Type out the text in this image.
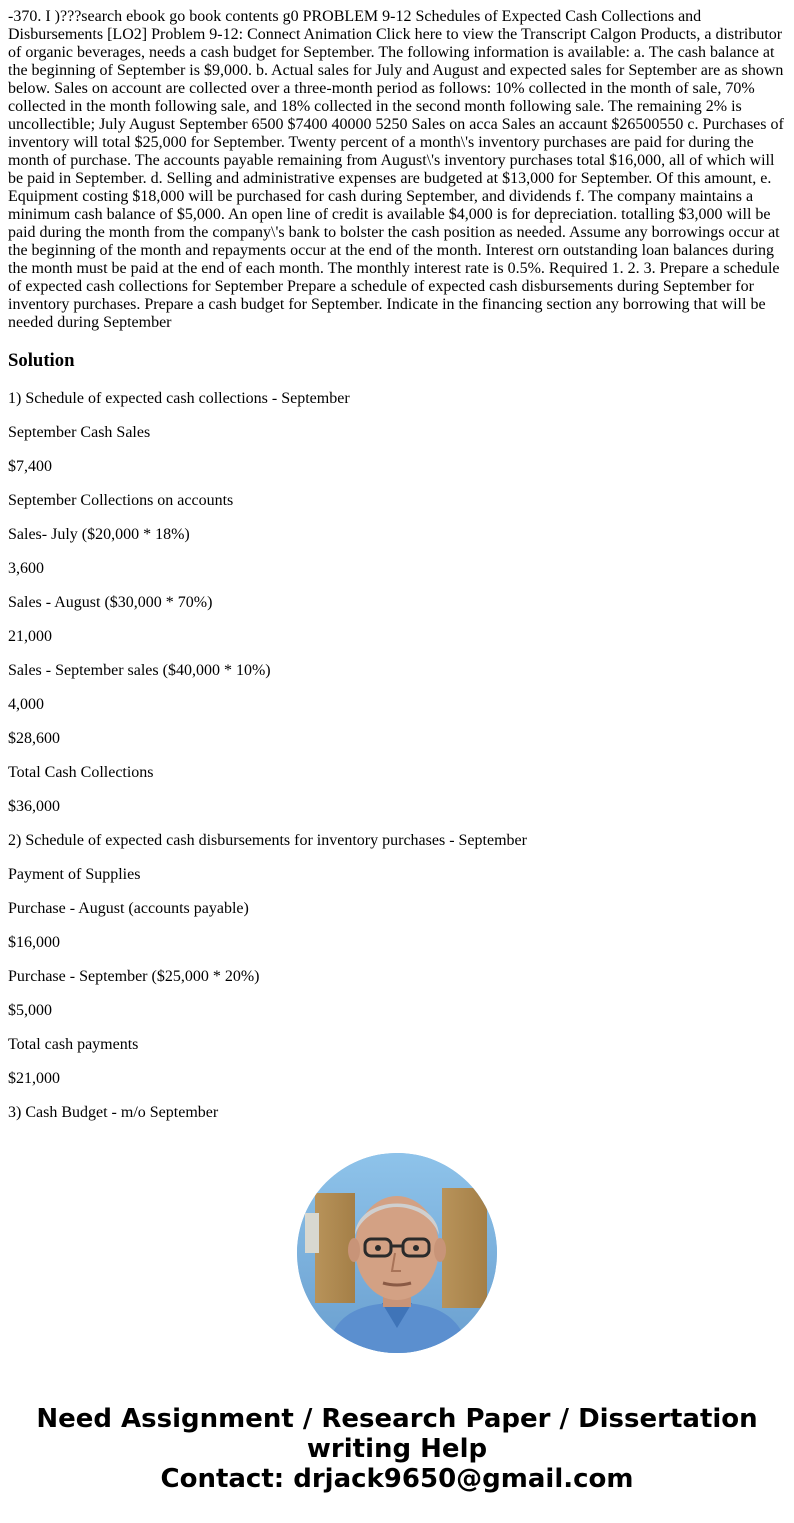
-370. I )???search ebook go book contents g0 PROBLEM 9-12 Schedules of Expected Cash Collections and Disbursements [LO2] Problem 9-12: Connect Animation Click here to view the Transcript Calgon Products, a distributor of organic beverages, needs a cash budget for September. The following information is available: a. The cash balance at the beginning of September is $9,000. b. Actual sales for July and August and expected sales for September are as shown below. Sales on account are collected over a three-month period as follows: 10% collected in the month of sale, 70% collected in the month following sale, and 18% collected in the second month following sale. The remaining 2% is uncollectible; July August September 6500 $7400 40000 5250 Sales on acca Sales an accaunt $26500550 c. Purchases of inventory will total $25,000 for September. Twenty percent of a month\'s inventory purchases are paid for during the month of purchase. The accounts payable remaining from August\'s inventory purchases total $16,000, all of which will be paid in September. d. Selling and administrative expenses are budgeted at $13,000 for September. Of this amount, e. Equipment costing $18,000 will be purchased for cash during September, and dividends f. The company maintains a minimum cash balance of $5,000. An open line of credit is available $4,000 is for depreciation. totalling $3,000 will be paid during the month from the company\'s bank to bolster the cash position as needed. Assume any borrowings occur at the beginning of the month and repayments occur at the end of the month. Interest orn outstanding loan balances during the month must be paid at the end of each month. The monthly interest rate is 0.5%. Required 1. 2. 3. Prepare a schedule of expected cash collections for September Prepare a schedule of expected cash disbursements during September for inventory purchases. Prepare a cash budget for September. Indicate in the financing section any borrowing that will be needed during September

Solution
1) Schedule of expected cash collections - September
September Cash Sales
$7,400
September Collections on accounts
Sales- July ($20,000 * 18%)
3,600
Sales - August ($30,000 * 70%)
21,000
Sales - September sales ($40,000 * 10%)
4,000
$28,600
Total Cash Collections
$36,000
2) Schedule of expected cash disbursements for inventory purchases - September
Payment of Supplies
Purchase - August (accounts payable)
$16,000
Purchase - September ($25,000 * 20%)
$5,000
Total cash payments
$21,000
3) Cash Budget - m/o September

Need Assignment / Research Paper / Dissertation
writing Help
Contact: drjack9650@gmail.com
